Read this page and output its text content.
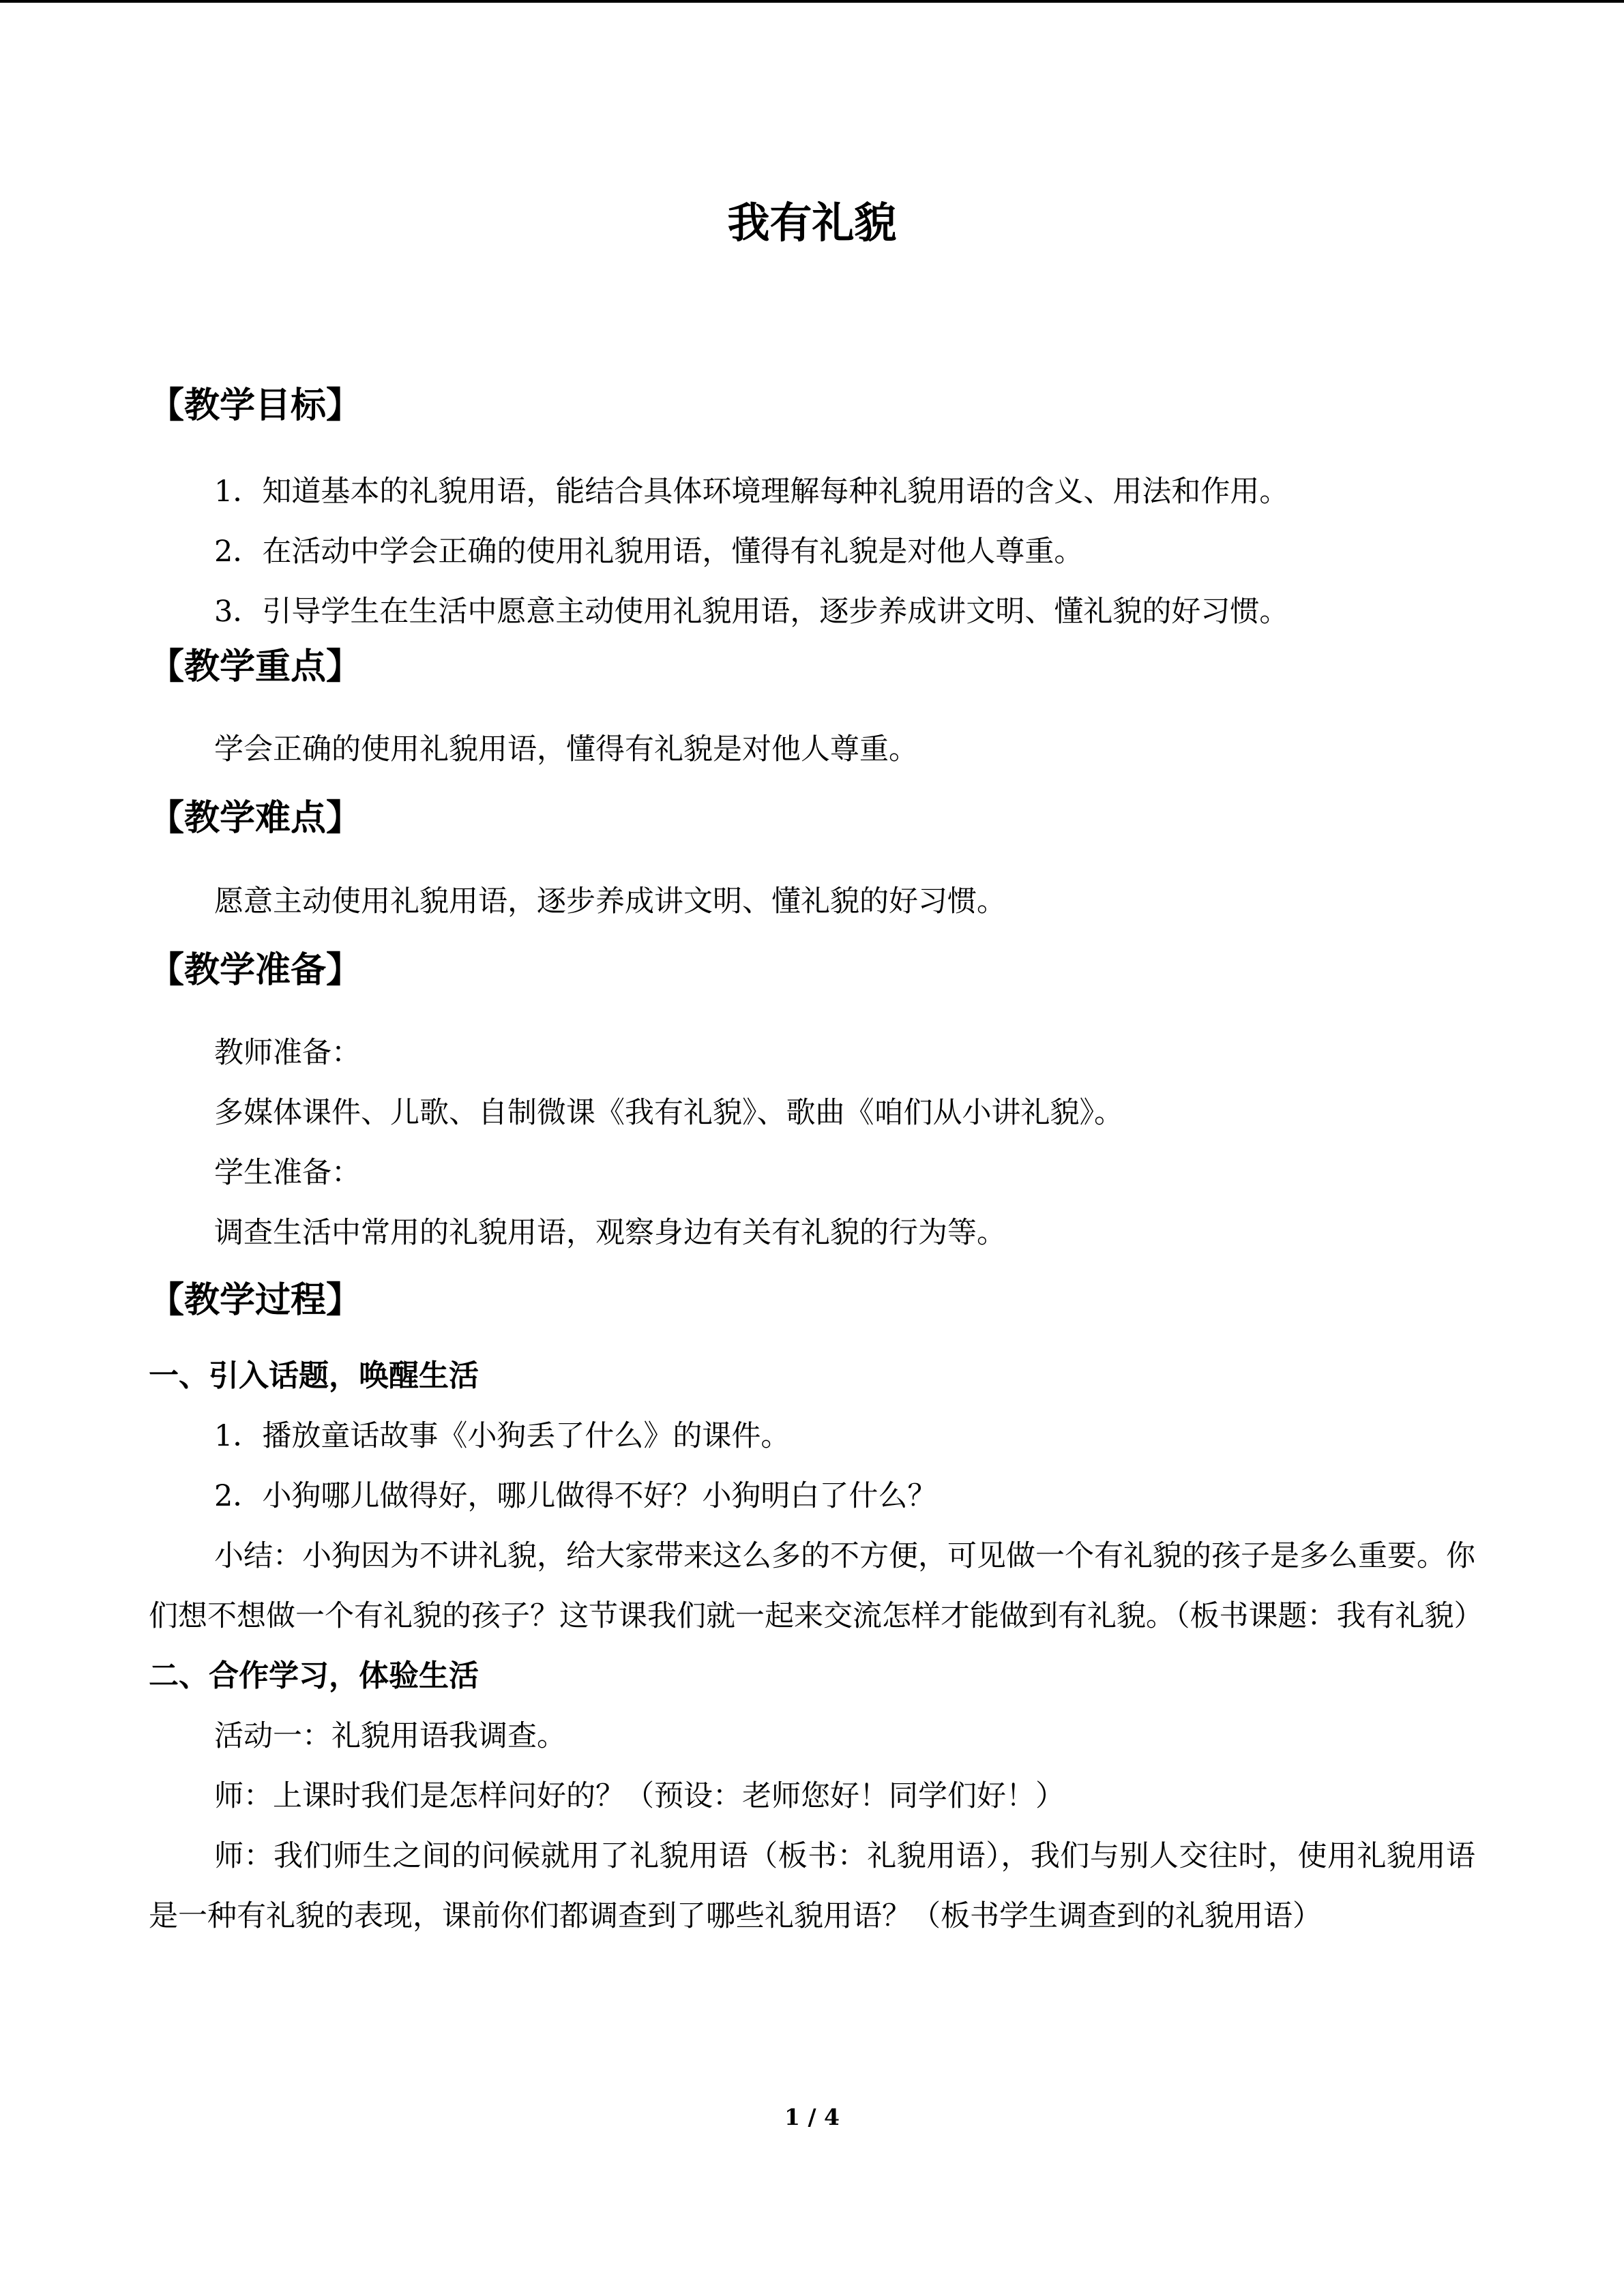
我有礼貌
【教学目标】

1．知道基本的礼貌用语，能结合具体环境理解每种礼貌用语的含义、用法和作用。

2．在活动中学会正确的使用礼貌用语，懂得有礼貌是对他人尊重。

3．引导学生在生活中愿意主动使用礼貌用语，逐步养成讲文明、懂礼貌的好习惯。

【教学重点】

学会正确的使用礼貌用语，懂得有礼貌是对他人尊重。

【教学难点】

愿意主动使用礼貌用语，逐步养成讲文明、懂礼貌的好习惯。

【教学准备】

教师准备：

多媒体课件、儿歌、自制微课《我有礼貌》、歌曲《咱们从小讲礼貌》。

学生准备：

调查生活中常用的礼貌用语，观察身边有关有礼貌的行为等。

【教学过程】
一、引入话题，唤醒生活

1．播放童话故事《小狗丢了什么》的课件。

2．小狗哪儿做得好，哪儿做得不好？小狗明白了什么？

小结：小狗因为不讲礼貌，给大家带来这么多的不方便，可见做一个有礼貌的孩子是多么重要。你们想不想做一个有礼貌的孩子？这节课我们就一起来交流怎样才能做到有礼貌。（板书课题：我有礼貌）

二、合作学习，体验生活

活动一：礼貌用语我调查。

师：上课时我们是怎样问好的？（预设：老师您好！同学们好！）

师：我们师生之间的问候就用了礼貌用语（板书：礼貌用语），我们与别人交往时，使用礼貌用语是一种有礼貌的表现，课前你们都调查到了哪些礼貌用语？（板书学生调查到的礼貌用语）

1 / 4
